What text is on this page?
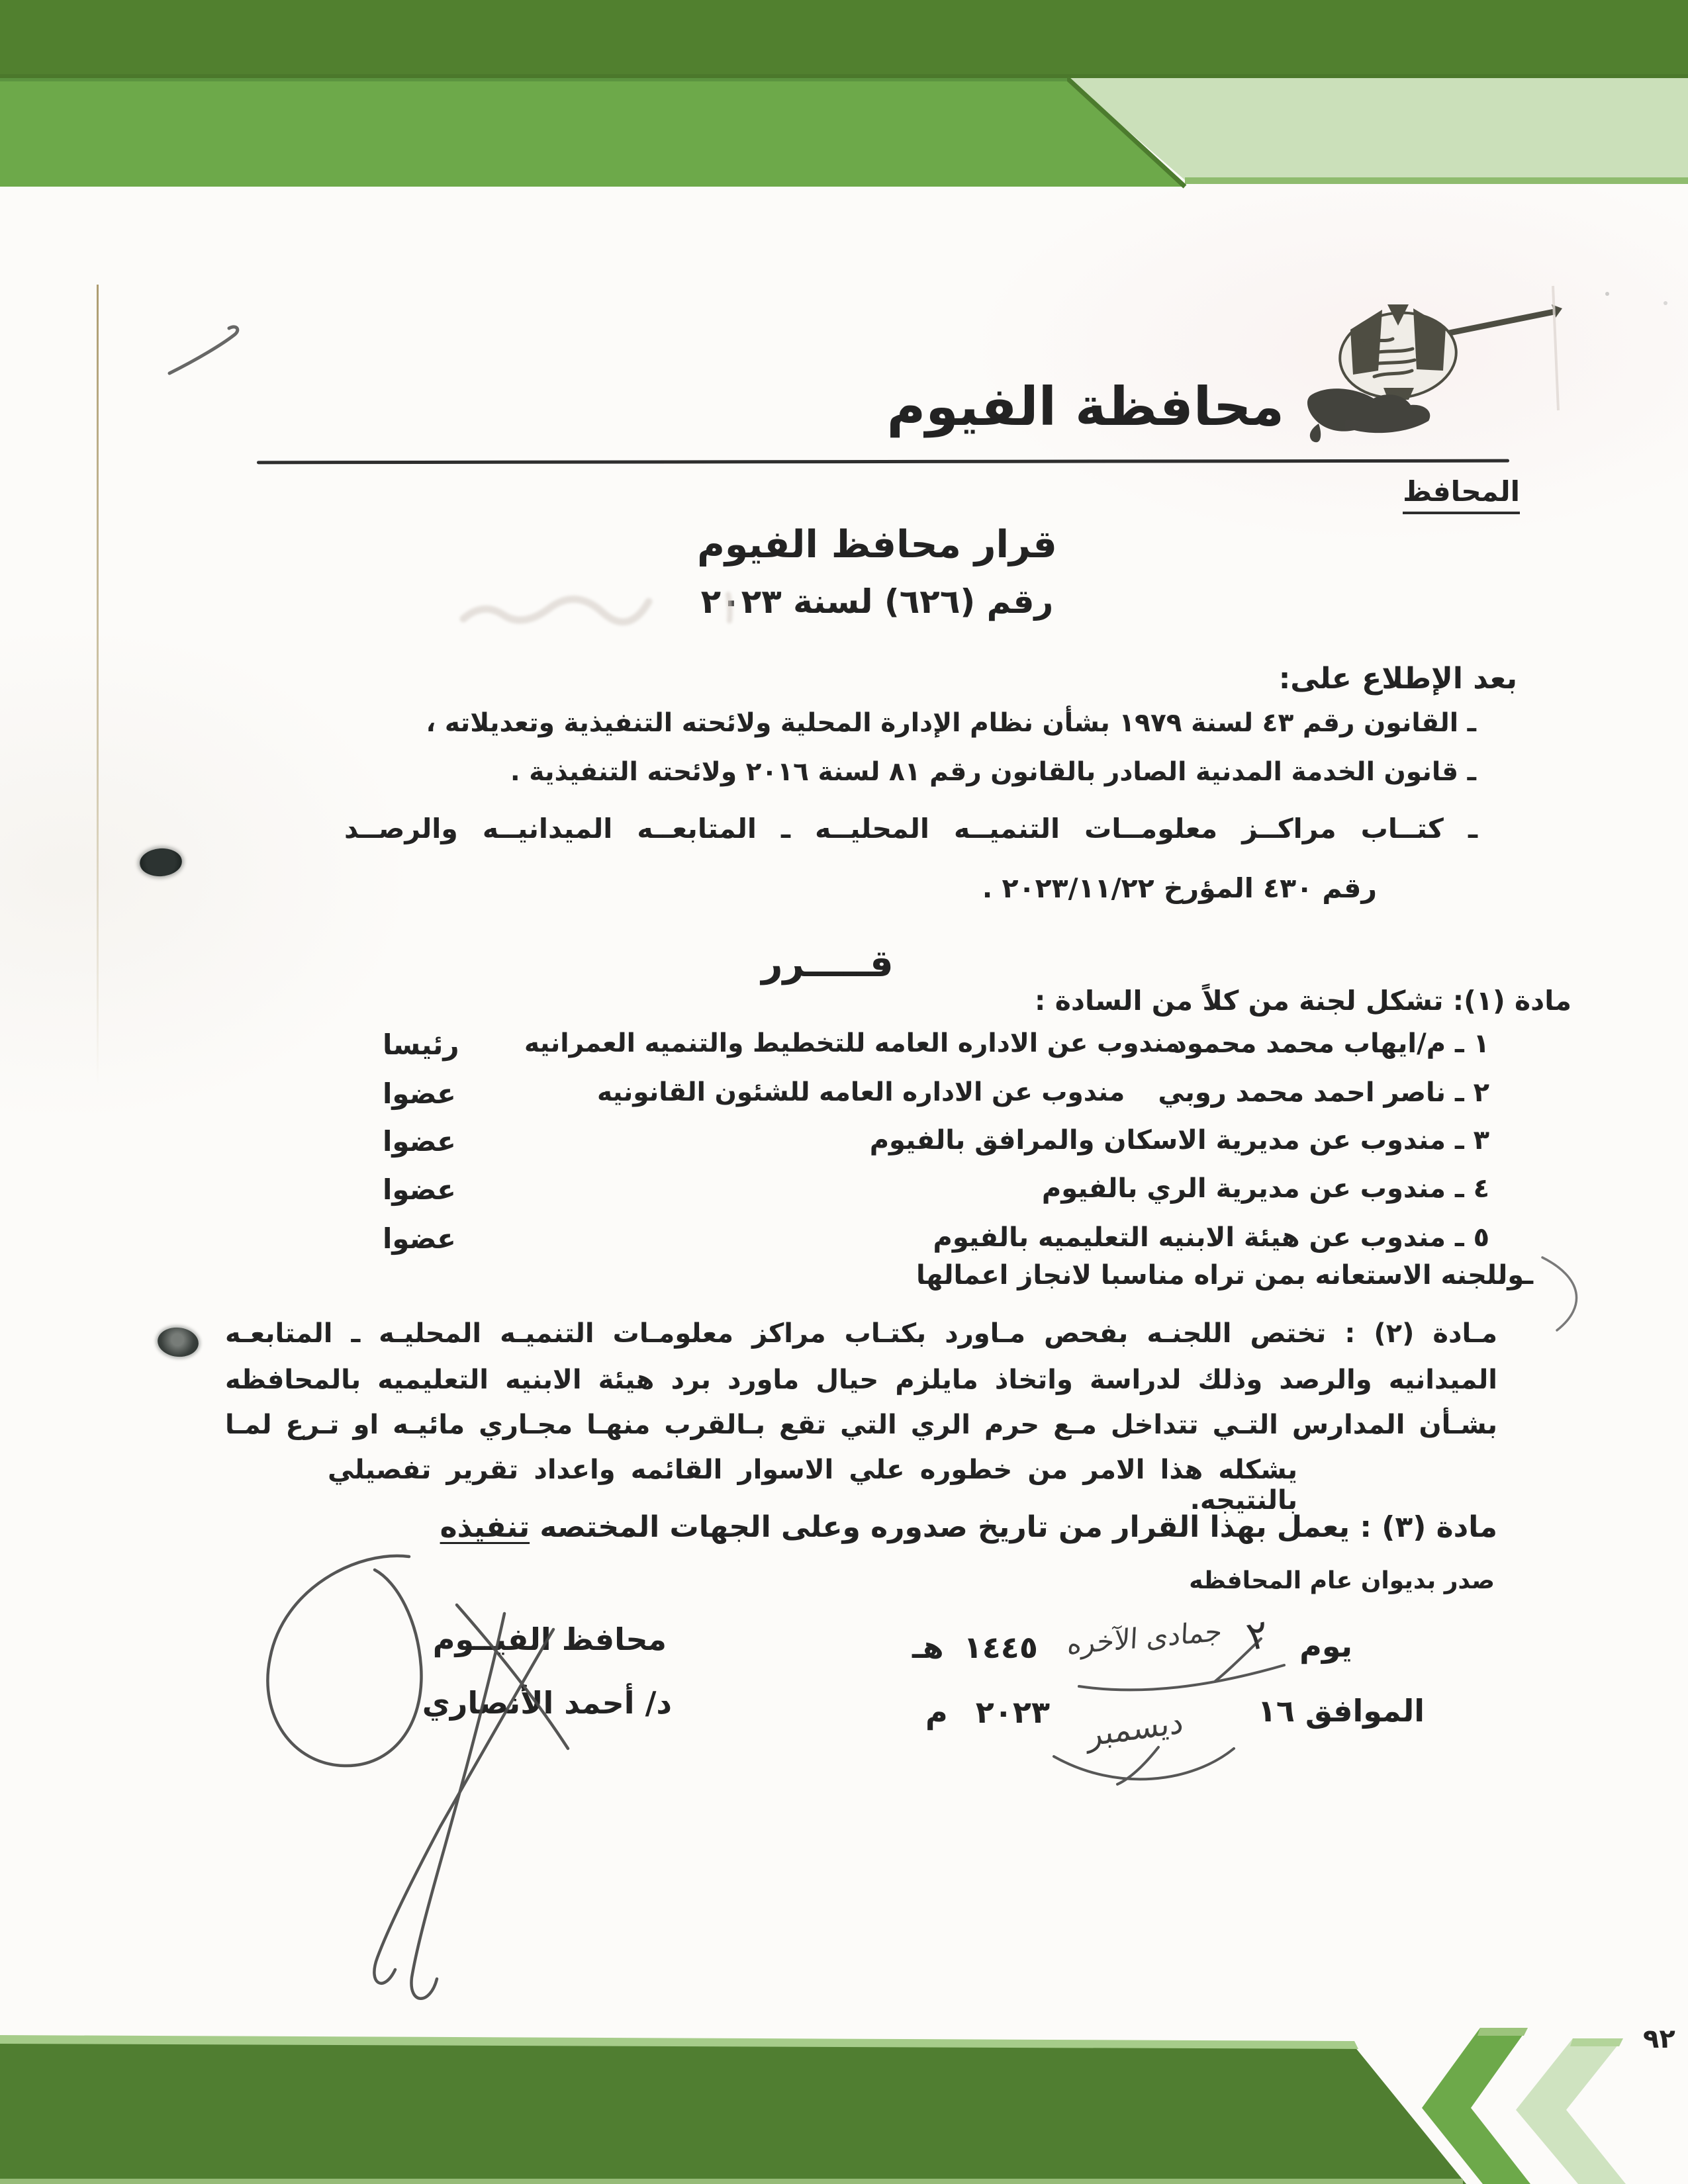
محافظة الفيوم
المحافظ
قرار محافظ الفيوم
رقم (٦٢٦) لسنة ٢٠٢٣
بعد الإطلاع على:
ـ القانون رقم ٤٣ لسنة ١٩٧٩ بشأن نظام الإدارة المحلية ولائحته التنفيذية وتعديلاته ،
ـ قانون الخدمة المدنية الصادر بالقانون رقم ٨١ لسنة ٢٠١٦ ولائحته التنفيذية .
ـ كتــاب مراكــز معلومــات التنميــه المحليــه ـ المتابعــه الميدانيــه والرصــد
رقم ٤٣٠ المؤرخ ٢٠٢٣/١١/٢٢ .
قـــــرر
مادة (١): تشكل لجنة من كلاً من السادة :
١ ـ م/ايهاب محمد محمود
مندوب عن الاداره العامه للتخطيط والتنميه العمرانيه
رئيسا
٢ ـ ناصر احمد محمد روبي
مندوب عن الاداره العامه للشئون القانونيه
عضوا
٣ ـ مندوب عن مديرية الاسكان والمرافق بالفيوم
عضوا
٤ ـ مندوب عن مديرية الري بالفيوم
عضوا
٥ ـ مندوب عن هيئة الابنيه التعليميه بالفيوم
عضوا
ـوللجنه الاستعانه بمن تراه مناسبا لانجاز اعمالها
مـادة (٢) : تختص اللجنـه بفحص مـاورد بكتـاب مراكز معلومـات التنميـه المحليـه ـ المتابعـه
الميدانيه والرصد وذلك لدراسة واتخاذ مايلزم حيال ماورد برد هيئة الابنيه التعليميه بالمحافظه
بشـأن المدارس التـي تتداخل مـع حرم الري التي تقع بـالقرب منهـا مجـاري مائيـه او تـرع لمـا
يشكله هذا الامر من خطوره علي الاسوار القائمه واعداد تقرير تفصيلي بالنتيجه.
مادة (٣) : يعمل بهذا القرار من تاريخ صدوره وعلى الجهات المختصه تنفيذه
صدر بديوان عام المحافظه
يوم
٢
جمادى الآخره
١٤٤٥ هـ
الموافق ١٦
ديسمبر
٢٠٢٣ م
محافظ الفيــوم
د/ أحمد الأنصاري
٩٢
